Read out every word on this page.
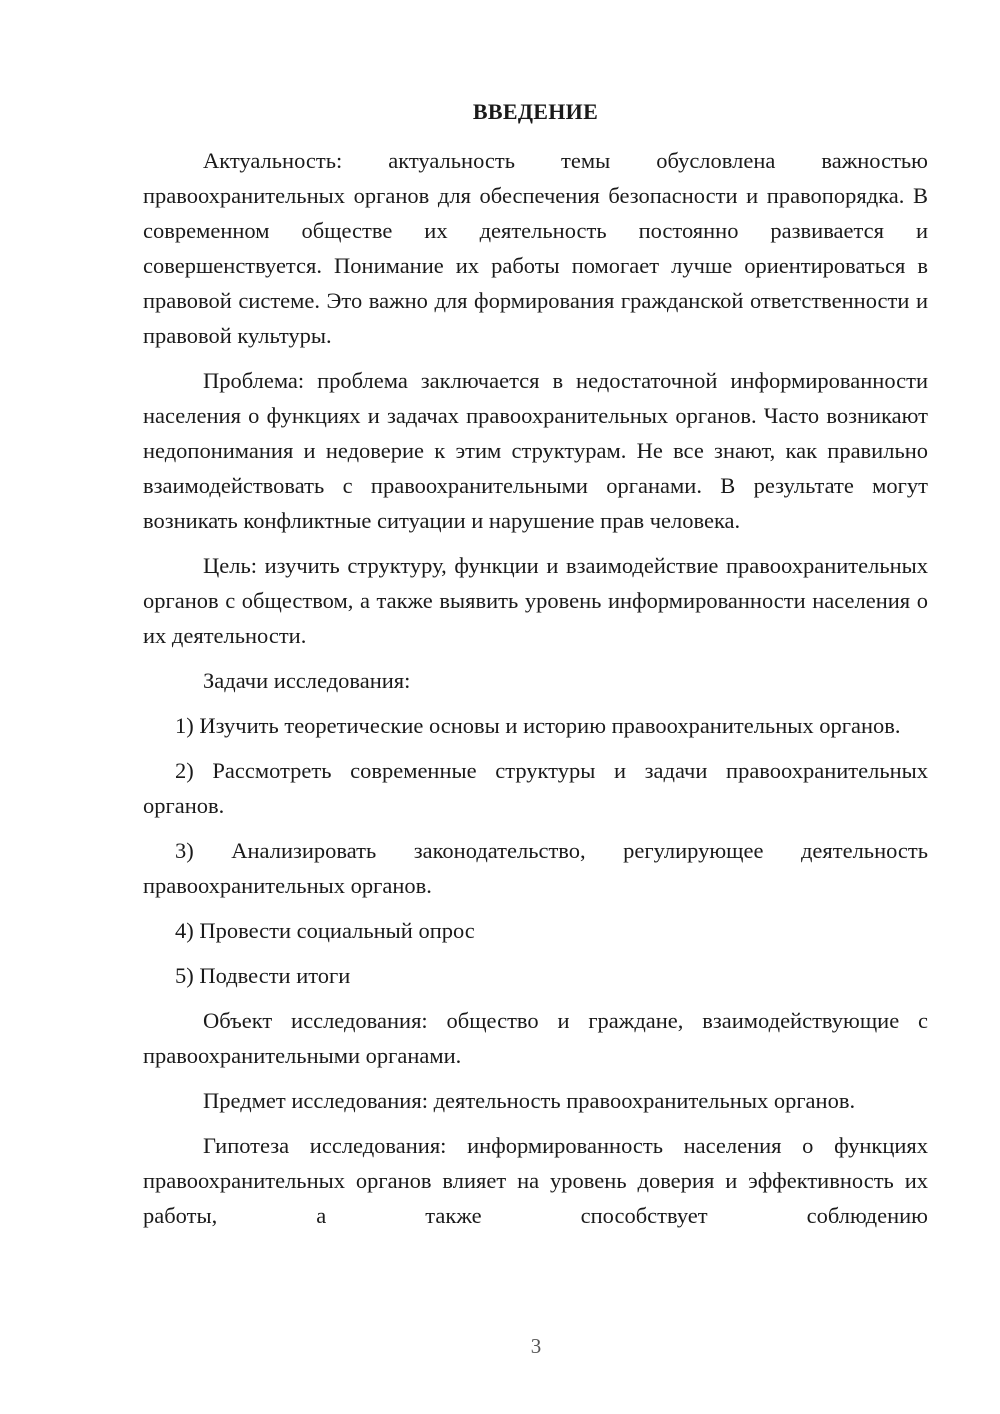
ВВЕДЕНИЕ

Актуальность: актуальность темы обусловлена важностью правоохранительных органов для обеспечения безопасности и правопорядка. В современном обществе их деятельность постоянно развивается и совершенствуется. Понимание их работы помогает лучше ориентироваться в правовой системе. Это важно для формирования гражданской ответственности и правовой культуры.

Проблема: проблема заключается в недостаточной информированности населения о функциях и задачах правоохранительных органов. Часто возникают недопонимания и недоверие к этим структурам. Не все знают, как правильно взаимодействовать с правоохранительными органами. В результате могут возникать конфликтные ситуации и нарушение прав человека.

Цель: изучить структуру, функции и взаимодействие правоохранительных органов с обществом, а также выявить уровень информированности населения о их деятельности.

Задачи исследования:

1) Изучить теоретические основы и историю правоохранительных органов.

2) Рассмотреть современные структуры и задачи правоохранительных органов.

3) Анализировать законодательство, регулирующее деятельность правоохранительных органов.

4) Провести социальный опрос

5) Подвести итоги

Объект исследования: общество и граждане, взаимодействующие с правоохранительными органами.

Предмет исследования: деятельность правоохранительных органов.

Гипотеза исследования: информированность населения о функциях правоохранительных органов влияет на уровень доверия и эффективность их работы, а также способствует соблюдению

3
